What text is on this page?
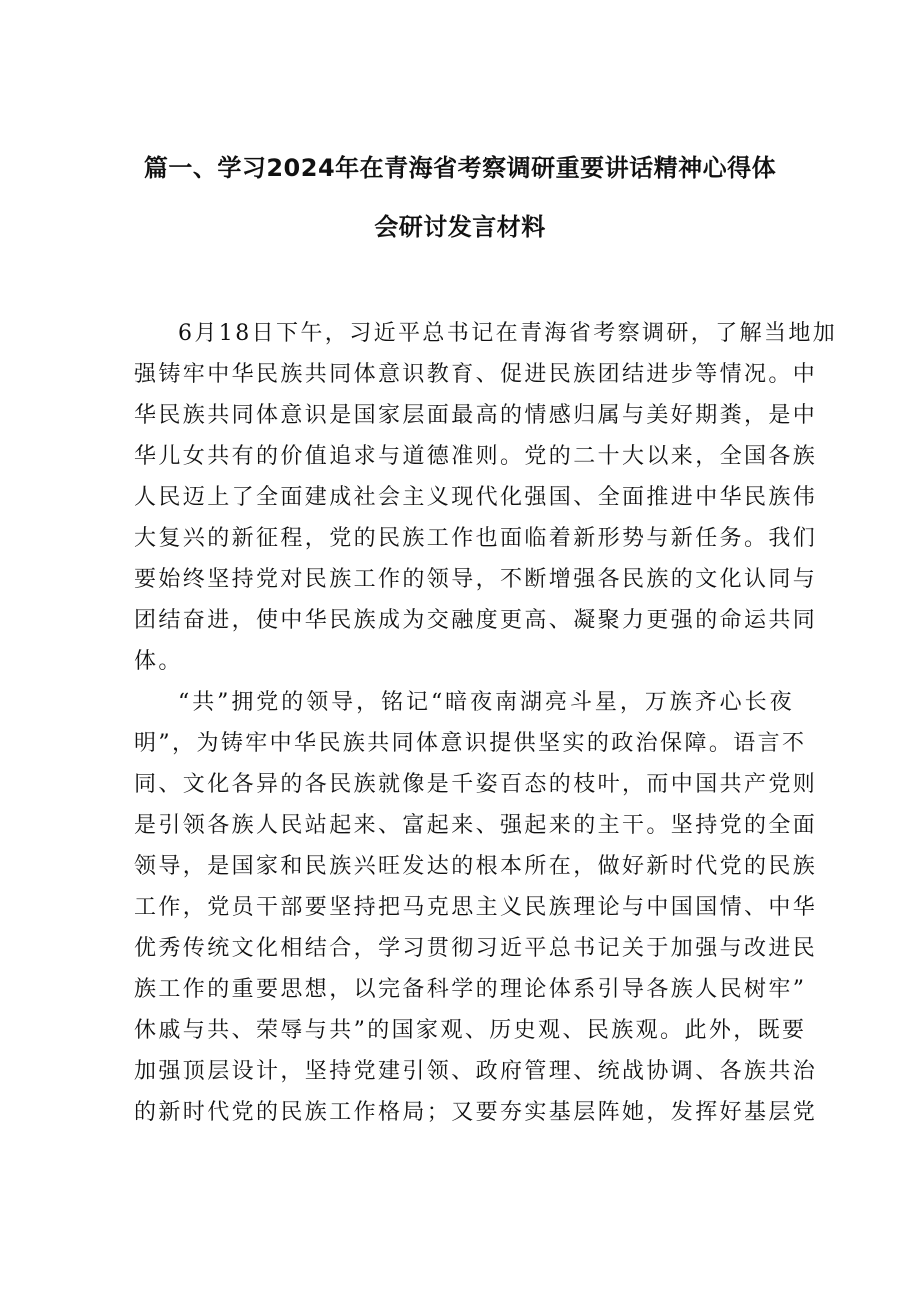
篇一、学习2024年在青海省考察调研重要讲话精神心得体
会研讨发言材料
6月18日下午，习近平总书记在青海省考察调研，了解当地加
强铸牢中华民族共同体意识教育、促进民族团结进步等情况。中
华民族共同体意识是国家层面最高的情感归属与美好期粪，是中
华儿女共有的价值追求与道德准则。党的二十大以来，全国各族
人民迈上了全面建成社会主义现代化强国、全面推进中华民族伟
大复兴的新征程，党的民族工作也面临着新形势与新任务。我们
要始终坚持党对民族工作的领导，不断增强各民族的文化认同与
团结奋进，使中华民族成为交融度更高、凝聚力更强的命运共同
体。
“共”拥党的领导，铭记“暗夜南湖亮斗星，万族齐心长夜
明”，为铸牢中华民族共同体意识提供坚实的政治保障。语言不
同、文化各异的各民族就像是千姿百态的枝叶，而中国共产党则
是引领各族人民站起来、富起来、强起来的主干。坚持党的全面
领导，是国家和民族兴旺发达的根本所在，做好新时代党的民族
工作，党员干部要坚持把马克思主义民族理论与中国国情、中华
优秀传统文化相结合，学习贯彻习近平总书记关于加强与改进民
族工作的重要思想，以完备科学的理论体系引导各族人民树牢”
休戚与共、荣辱与共”的国家观、历史观、民族观。此外，既要
加强顶层设计，坚持党建引领、政府管理、统战协调、各族共治
的新时代党的民族工作格局；又要夯实基层阵她，发挥好基层党
